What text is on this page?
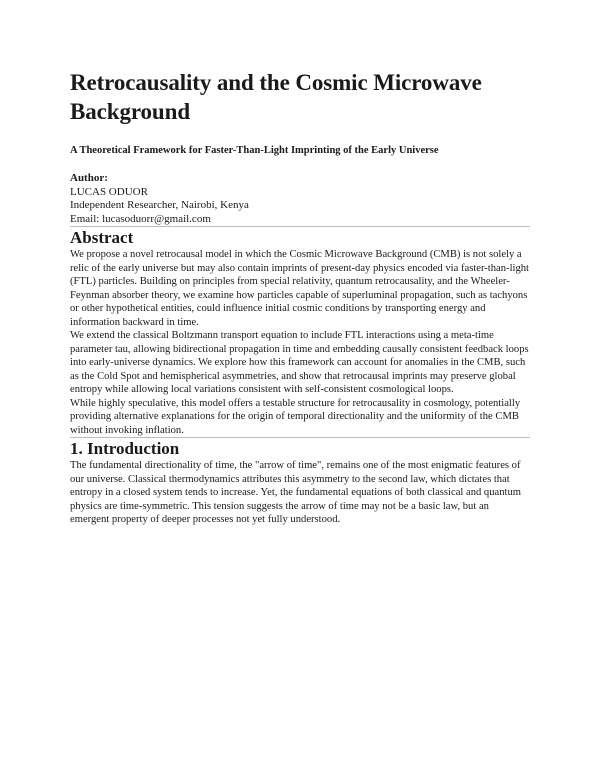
Retrocausality and the Cosmic Microwave Background
A Theoretical Framework for Faster-Than-Light Imprinting of the Early Universe
Author:
LUCAS ODUOR
Independent Researcher, Nairobi, Kenya
Email: lucasoduorr@gmail.com
Abstract

We propose a novel retrocausal model in which the Cosmic Microwave Background (CMB) is not solely a relic of the early universe but may also contain imprints of present-day physics encoded via faster-than-light (FTL) particles. Building on principles from special relativity, quantum retrocausality, and the Wheeler-Feynman absorber theory, we examine how particles capable of superluminal propagation, such as tachyons or other hypothetical entities, could influence initial cosmic conditions by transporting energy and information backward in time.

We extend the classical Boltzmann transport equation to include FTL interactions using a meta-time parameter tau, allowing bidirectional propagation in time and embedding causally consistent feedback loops into early-universe dynamics. We explore how this framework can account for anomalies in the CMB, such as the Cold Spot and hemispherical asymmetries, and show that retrocausal imprints may preserve global entropy while allowing local variations consistent with self-consistent cosmological loops.

While highly speculative, this model offers a testable structure for retrocausality in cosmology, potentially providing alternative explanations for the origin of temporal directionality and the uniformity of the CMB without invoking inflation.

1. Introduction

The fundamental directionality of time, the "arrow of time", remains one of the most enigmatic features of our universe. Classical thermodynamics attributes this asymmetry to the second law, which dictates that entropy in a closed system tends to increase. Yet, the fundamental equations of both classical and quantum physics are time-symmetric. This tension suggests the arrow of time may not be a basic law, but an emergent property of deeper processes not yet fully understood.
